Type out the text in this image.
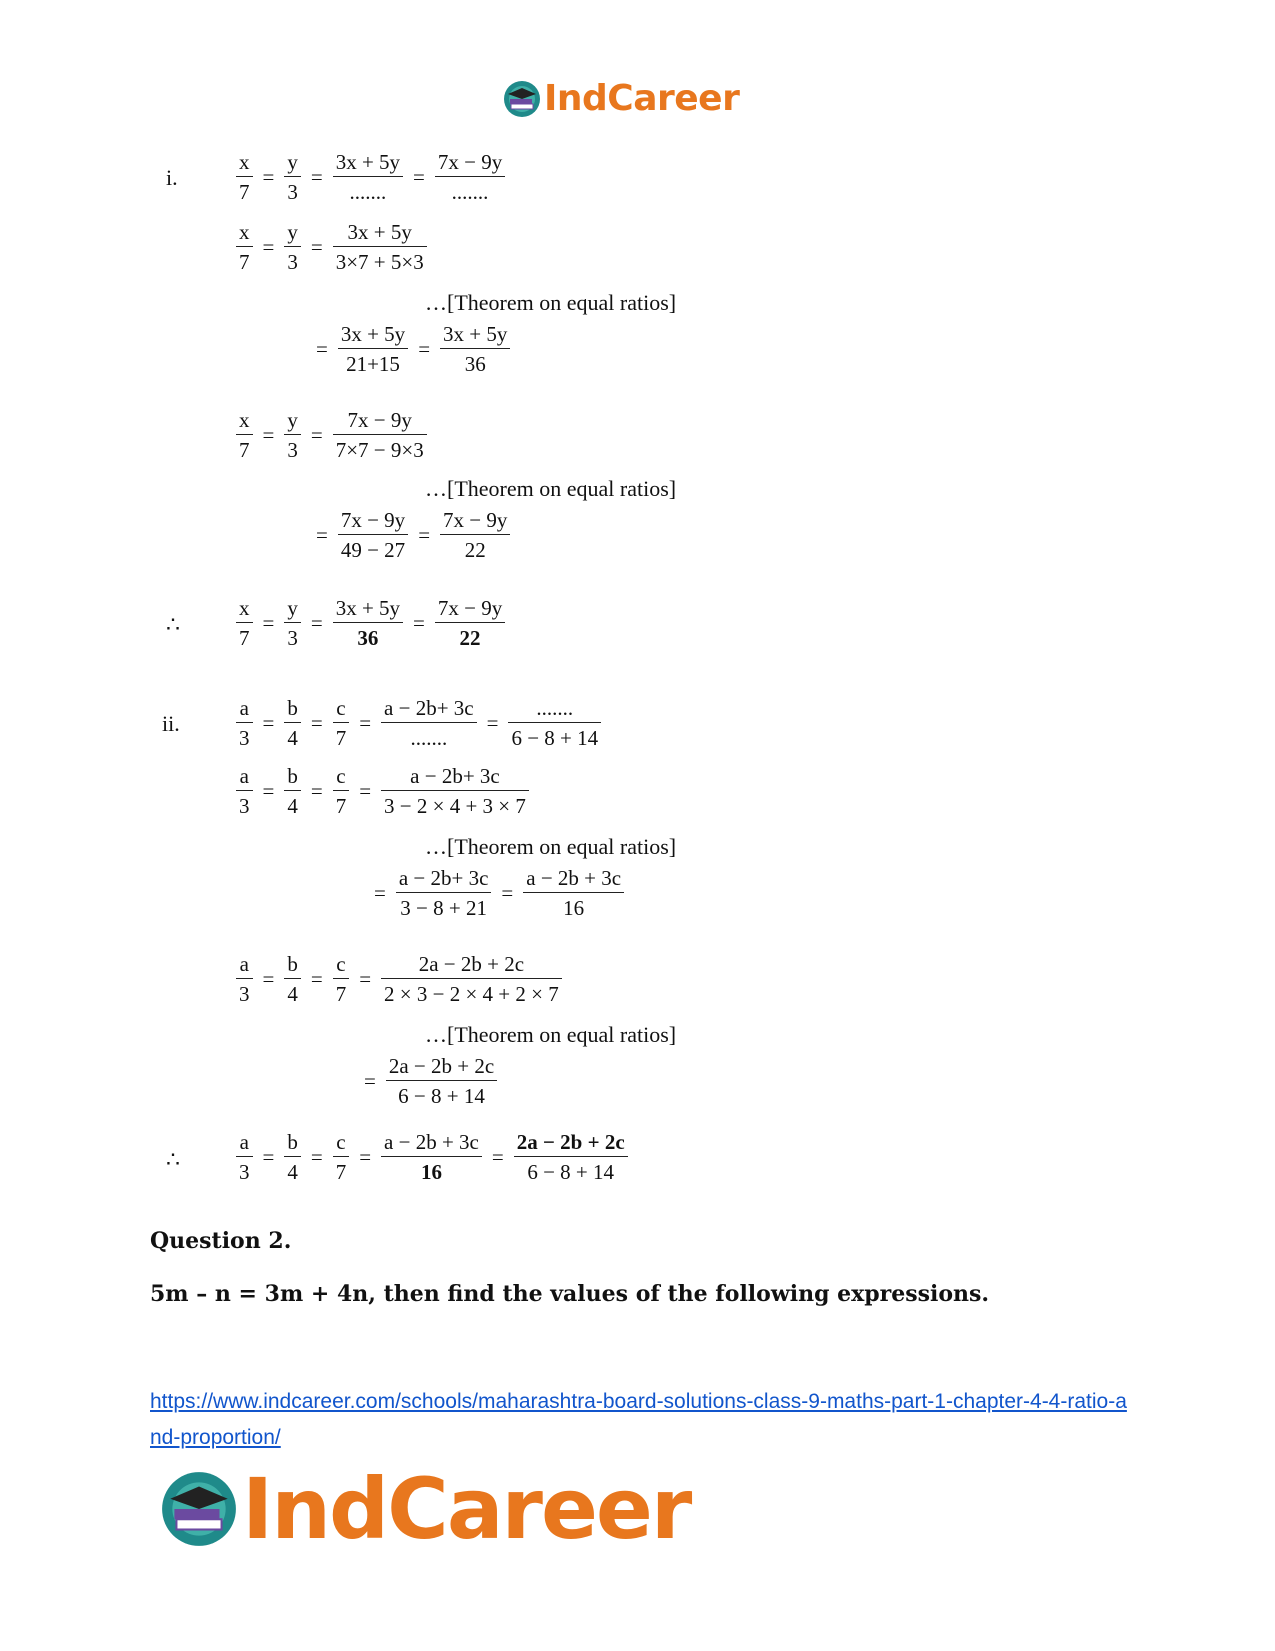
IndCareer
i.	$\frac{x}{7} = \frac{y}{3} = \frac{3x + 5y}{.......} = \frac{7x - 9y}{.......}$
$\frac{x}{7} = \frac{y}{3} = \frac{3x + 5y}{3\times 7 + 5\times 3}$
…[Theorem on equal ratios]
= $\frac{3x + 5y}{21+15} = \frac{3x + 5y}{36}$
$\frac{x}{7} = \frac{y}{3} = \frac{7x - 9y}{7\times 7 - 9\times 3}$
…[Theorem on equal ratios]
= $\frac{7x - 9y}{49 - 27} = \frac{7x - 9y}{22}$
∴	$\frac{x}{7} = \frac{y}{3} = \frac{3x + 5y}{36} = \frac{7x - 9y}{22}$
ii.	$\frac{a}{3} = \frac{b}{4} = \frac{c}{7} = \frac{a - 2b+ 3c}{.......} = \frac{.......}{6 - 8 + 14}$
$\frac{a}{3} = \frac{b}{4} = \frac{c}{7} = \frac{a - 2b+ 3c}{3 - 2 \times 4 + 3 \times 7}$
…[Theorem on equal ratios]
= $\frac{a - 2b+ 3c}{3 - 8 + 21} = \frac{a - 2b + 3c}{16}$
$\frac{a}{3} = \frac{b}{4} = \frac{c}{7} = \frac{2a - 2b + 2c}{2 \times 3 - 2 \times 4 + 2 \times 7}$
…[Theorem on equal ratios]
= $\frac{2a - 2b + 2c}{6 - 8 + 14}$
∴	$\frac{a}{3} = \frac{b}{4} = \frac{c}{7} = \frac{a - 2b + 3c}{16} = \frac{2a - 2b + 2c}{6 - 8 + 14}$
Question 2.
5m – n = 3m + 4n, then find the values of the following expressions.
https://www.indcareer.com/schools/maharashtra-board-solutions-class-9-maths-part-1-chapter-4-4-ratio-and-proportion/
IndCareer
